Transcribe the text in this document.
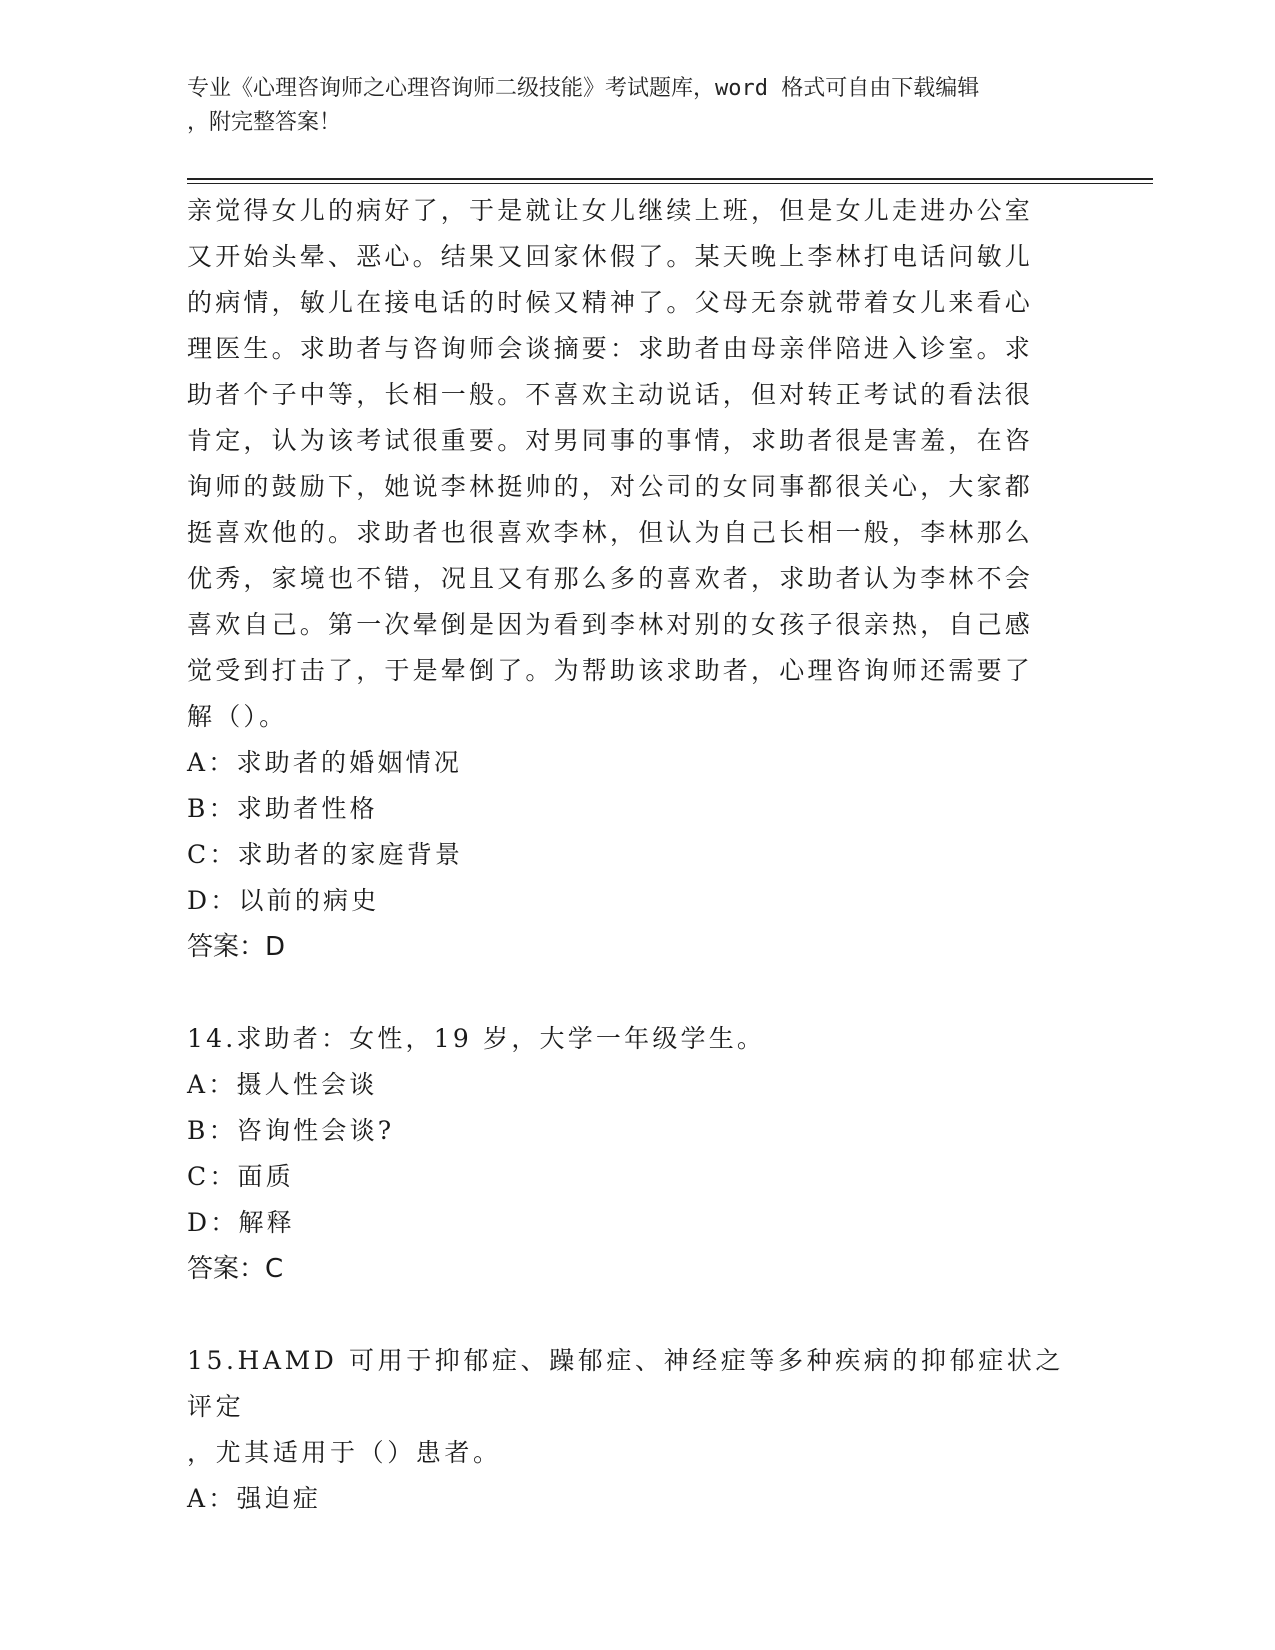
专业《心理咨询师之心理咨询师二级技能》考试题库，word 格式可自由下载编辑
，附完整答案！

亲觉得女儿的病好了，于是就让女儿继续上班，但是女儿走进办公室

又开始头晕、恶心。结果又回家休假了。某天晚上李林打电话问敏儿

的病情，敏儿在接电话的时候又精神了。父母无奈就带着女儿来看心

理医生。求助者与咨询师会谈摘要：求助者由母亲伴陪进入诊室。求

助者个子中等，长相一般。不喜欢主动说话，但对转正考试的看法很

肯定，认为该考试很重要。对男同事的事情，求助者很是害羞，在咨

询师的鼓励下，她说李林挺帅的，对公司的女同事都很关心，大家都

挺喜欢他的。求助者也很喜欢李林，但认为自己长相一般，李林那么

优秀，家境也不错，况且又有那么多的喜欢者，求助者认为李林不会

喜欢自己。第一次晕倒是因为看到李林对别的女孩子很亲热，自己感

觉受到打击了，于是晕倒了。为帮助该求助者，心理咨询师还需要了

解（）。

A：求助者的婚姻情况

B：求助者性格

C：求助者的家庭背景

D：以前的病史

答案：D

14.求助者：女性，19 岁，大学一年级学生。

A：摄人性会谈

B：咨询性会谈?

C：面质

D：解释

答案：C

15.HAMD 可用于抑郁症、躁郁症、神经症等多种疾病的抑郁症状之评定

，尤其适用于（）患者。

A：强迫症
